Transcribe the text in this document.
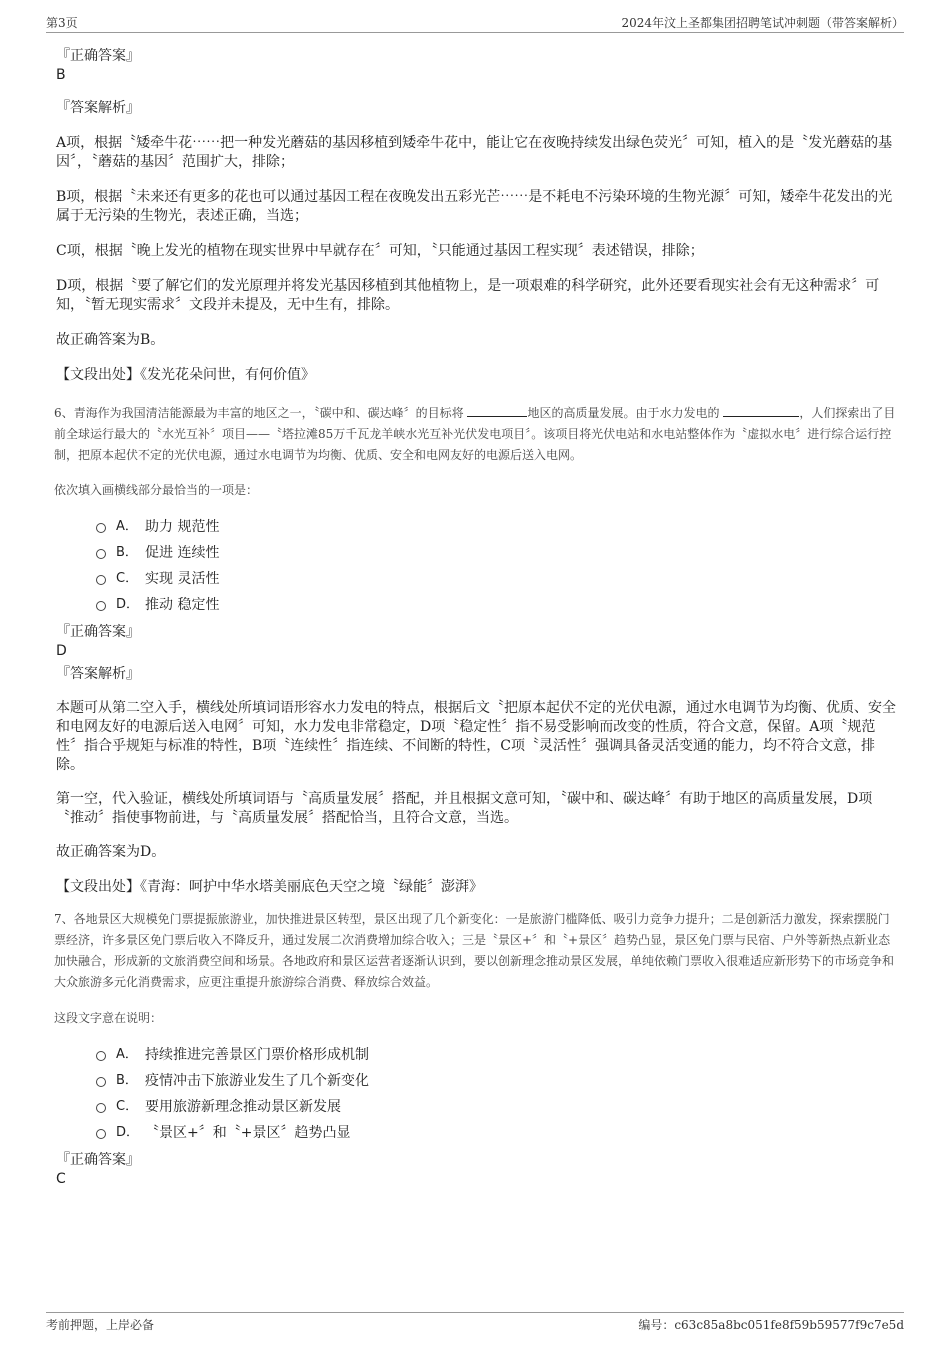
第3页	2024年汶上圣都集团招聘笔试冲刺题（带答案解析）
『正确答案』
B
『答案解析』

A项，根据〝矮牵牛花⋯⋯把一种发光蘑菇的基因移植到矮牵牛花中，能让它在夜晚持续发出绿色荧光〞可知，植入的是〝发光蘑菇的基因〞，〝蘑菇的基因〞范围扩大，排除；

B项，根据〝未来还有更多的花也可以通过基因工程在夜晚发出五彩光芒⋯⋯是不耗电不污染环境的生物光源〞可知，矮牵牛花发出的光属于无污染的生物光，表述正确，当选；

C项，根据〝晚上发光的植物在现实世界中早就存在〞可知，〝只能通过基因工程实现〞表述错误，排除；

D项，根据〝要了解它们的发光原理并将发光基因移植到其他植物上，是一项艰难的科学研究，此外还要看现实社会有无这种需求〞可知，〝暂无现实需求〞文段并未提及，无中生有，排除。

故正确答案为B。

【文段出处】《发光花朵问世，有何价值》

6、青海作为我国清洁能源最为丰富的地区之一，〝碳中和、碳达峰〞的目标将	地区的高质量发展。由于水力发电的	，人们探索出了目前全球运行最大的〝水光互补〞项目——〝塔拉滩85万千瓦龙羊峡水光互补光伏发电项目〞。该项目将光伏电站和水电站整体作为〝虚拟水电〞进行综合运行控制，把原本起伏不定的光伏电源，通过水电调节为均衡、优质、安全和电网友好的电源后送入电网。

依次填入画横线部分最恰当的一项是：

A． 助力 规范性
B． 促进 连续性
C． 实现 灵活性
D． 推动 稳定性
『正确答案』
D
『答案解析』

本题可从第二空入手，横线处所填词语形容水力发电的特点，根据后文〝把原本起伏不定的光伏电源，通过水电调节为均衡、优质、安全和电网友好的电源后送入电网〞可知，水力发电非常稳定，D项〝稳定性〞指不易受影响而改变的性质，符合文意，保留。A项〝规范性〞指合乎规矩与标准的特性，B项〝连续性〞指连续、不间断的特性，C项〝灵活性〞强调具备灵活变通的能力，均不符合文意，排除。

第一空，代入验证，横线处所填词语与〝高质量发展〞搭配，并且根据文意可知，〝碳中和、碳达峰〞有助于地区的高质量发展，D项〝推动〞指使事物前进，与〝高质量发展〞搭配恰当，且符合文意，当选。

故正确答案为D。

【文段出处】《青海：呵护中华水塔美丽底色天空之境〝绿能〞澎湃》

7、各地景区大规模免门票提振旅游业，加快推进景区转型，景区出现了几个新变化：一是旅游门槛降低、吸引力竞争力提升；二是创新活力激发，探索摆脱门票经济，许多景区免门票后收入不降反升，通过发展二次消费增加综合收入；三是〝景区+〞和〝+景区〞趋势凸显，景区免门票与民宿、户外等新热点新业态加快融合，形成新的文旅消费空间和场景。各地政府和景区运营者逐渐认识到，要以创新理念推动景区发展，单纯依赖门票收入很难适应新形势下的市场竞争和大众旅游多元化消费需求，应更注重提升旅游综合消费、释放综合效益。

这段文字意在说明：

A． 持续推进完善景区门票价格形成机制
B． 疫情冲击下旅游业发生了几个新变化
C． 要用旅游新理念推动景区新发展
D． 〝景区+〞和〝+景区〞趋势凸显
『正确答案』
C
考前押题，上岸必备	编号：c63c85a8bc051fe8f59b59577f9c7e5d
